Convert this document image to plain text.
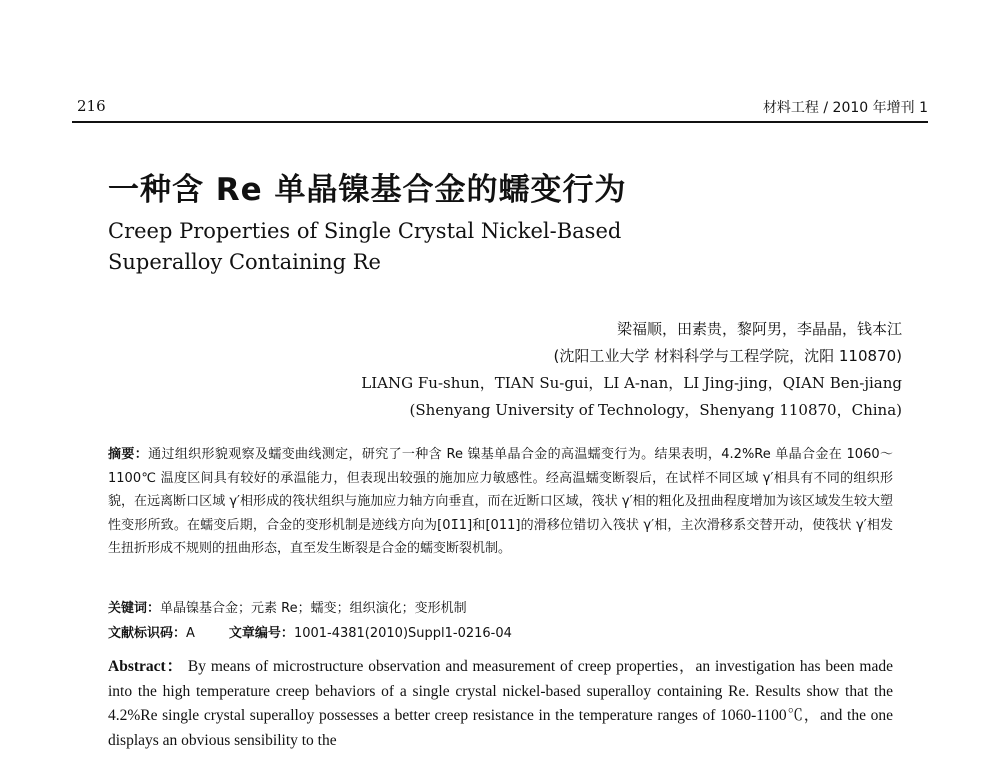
216	材料工程 / 2010 年增刊 1
一种含 Re 单晶镍基合金的蠕变行为
Creep Properties of Single Crystal Nickel-Based
Superalloy Containing Re
梁福顺，田素贵，黎阿男，李晶晶，钱本江
(沈阳工业大学 材料科学与工程学院，沈阳 110870)
LIANG Fu-shun，TIAN Su-gui，LI A-nan，LI Jing-jing，QIAN Ben-jiang
(Shenyang University of Technology，Shenyang 110870，China)
摘要：通过组织形貌观察及蠕变曲线测定，研究了一种含 Re 镍基单晶合金的高温蠕变行为。结果表明，4.2%Re 单晶合金在 1060～1100℃ 温度区间具有较好的承温能力，但表现出较强的施加应力敏感性。经高温蠕变断裂后，在试样不同区域 γ′相具有不同的组织形貌，在远离断口区域 γ′相形成的筏状组织与施加应力轴方向垂直，而在近断口区域，筏状 γ′相的粗化及扭曲程度增加为该区域发生较大塑性变形所致。在蠕变后期，合金的变形机制是迹线方向为[01̄1]和[011]的滑移位错切入筏状 γ′相，主次滑移系交替开动，使筏状 γ′相发生扭折形成不规则的扭曲形态，直至发生断裂是合金的蠕变断裂机制。
关键词：单晶镍基合金；元素 Re；蠕变；组织演化；变形机制
文献标识码：A	文章编号：1001-4381(2010)Suppl1-0216-04
Abstract： By means of microstructure observation and measurement of creep properties，an investigation has been made into the high temperature creep behaviors of a single crystal nickel-based superalloy containing Re. Results show that the 4.2%Re single crystal superalloy possesses a better creep resistance in the temperature ranges of 1060-1100℃，and the one displays an obvious sensibility to the
